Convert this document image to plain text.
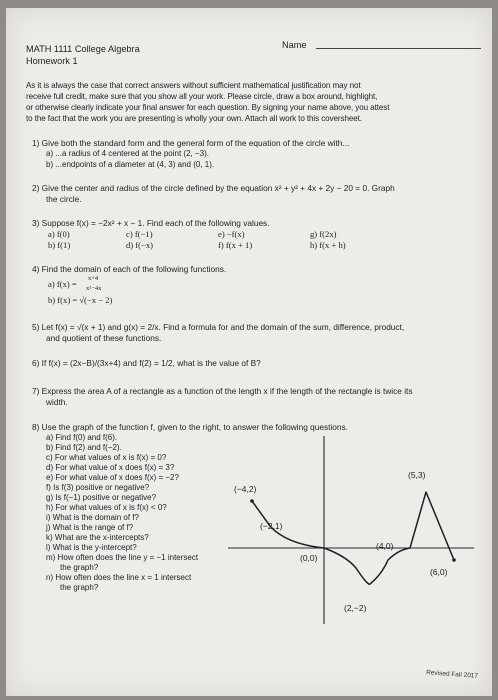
MATH 1111 College Algebra
Homework 1
Name
As it is always the case that correct answers without sufficient mathematical justification may not
receive full credit, make sure that you show all your work. Please circle, draw a box around, highlight,
or otherwise clearly indicate your final answer for each question. By signing your name above, you attest
to the fact that the work you are presenting is wholly your own. Attach all work to this coversheet.
1) Give both the standard form and the general form of the equation of the circle with...
a) ...a radius of 4 centered at the point (2, −3).
b) ...endpoints of a diameter at (4, 3) and (0, 1).
2) Give the center and radius of the circle defined by the equation x² + y² + 4x + 2y − 20 = 0. Graph
the circle.
3) Suppose f(x) = −2x² + x − 1. Find each of the following values.
a) f(0)
b) f(1)
c) f(−1)
d) f(−x)
e) −f(x)
f) f(x + 1)
g) f(2x)
h) f(x + h)
4) Find the domain of each of the following functions.
a) f(x) =
x+4
x²−4x
b) f(x) = √(−x − 2)
5) Let f(x) = √(x + 1) and g(x) = 2/x. Find a formula for and the domain of the sum, difference, product,
and quotient of these functions.
6) If f(x) = (2x−B)/(3x+4) and f(2) = 1/2, what is the value of B?
7) Express the area A of a rectangle as a function of the length x if the length of the rectangle is twice its
width.
8) Use the graph of the function f, given to the right, to answer the following questions.
a) Find f(0) and f(6).
b) Find f(2) and f(−2).
c) For what values of x is f(x) = 0?
d) For what value of x does f(x) = 3?
e) For what value of x does f(x) = −2?
f) Is f(3) positive or negative?
g) Is f(−1) positive or negative?
h) For what values of x is f(x) < 0?
i) What is the domain of f?
j) What is the range of f?
k) What are the x-intercepts?
l) What is the y-intercept?
m) How often does the line y = −1 intersect
the graph?
n) How often does the line x = 1 intersect
the graph?
(5,3)
(−4,2)
(−2,1)
(4,0)
(0,0)
(6,0)
(2,−2)
Revised Fall 2017
